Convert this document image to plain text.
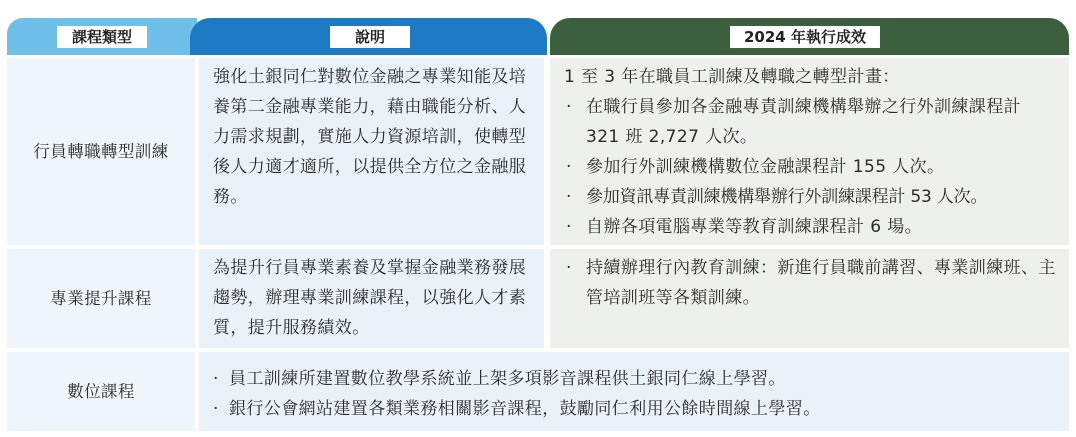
課程類型	說明	2024 年執行成效
行員轉職轉型訓練
強化土銀同仁對數位金融之專業知能及培養第二金融專業能力，藉由職能分析、人力需求規劃，實施人力資源培訓，使轉型後人力適才適所，以提供全方位之金融服務。
1 至 3 年在職員工訓練及轉職之轉型計畫：
‧ 在職行員參加各金融專責訓練機構舉辦之行外訓練課程計 321 班 2,727 人次。
‧ 參加行外訓練機構數位金融課程計 155 人次。
‧ 參加資訊專責訓練機構舉辦行外訓練課程計 53 人次。
‧ 自辦各項電腦專業等教育訓練課程計 6 場。
專業提升課程
為提升行員專業素養及掌握金融業務發展趨勢，辦理專業訓練課程，以強化人才素質，提升服務績效。
‧ 持續辦理行內教育訓練：新進行員職前講習、專業訓練班、主管培訓班等各類訓練。
數位課程
‧ 員工訓練所建置數位教學系統並上架多項影音課程供土銀同仁線上學習。
‧ 銀行公會網站建置各類業務相關影音課程，鼓勵同仁利用公餘時間線上學習。
